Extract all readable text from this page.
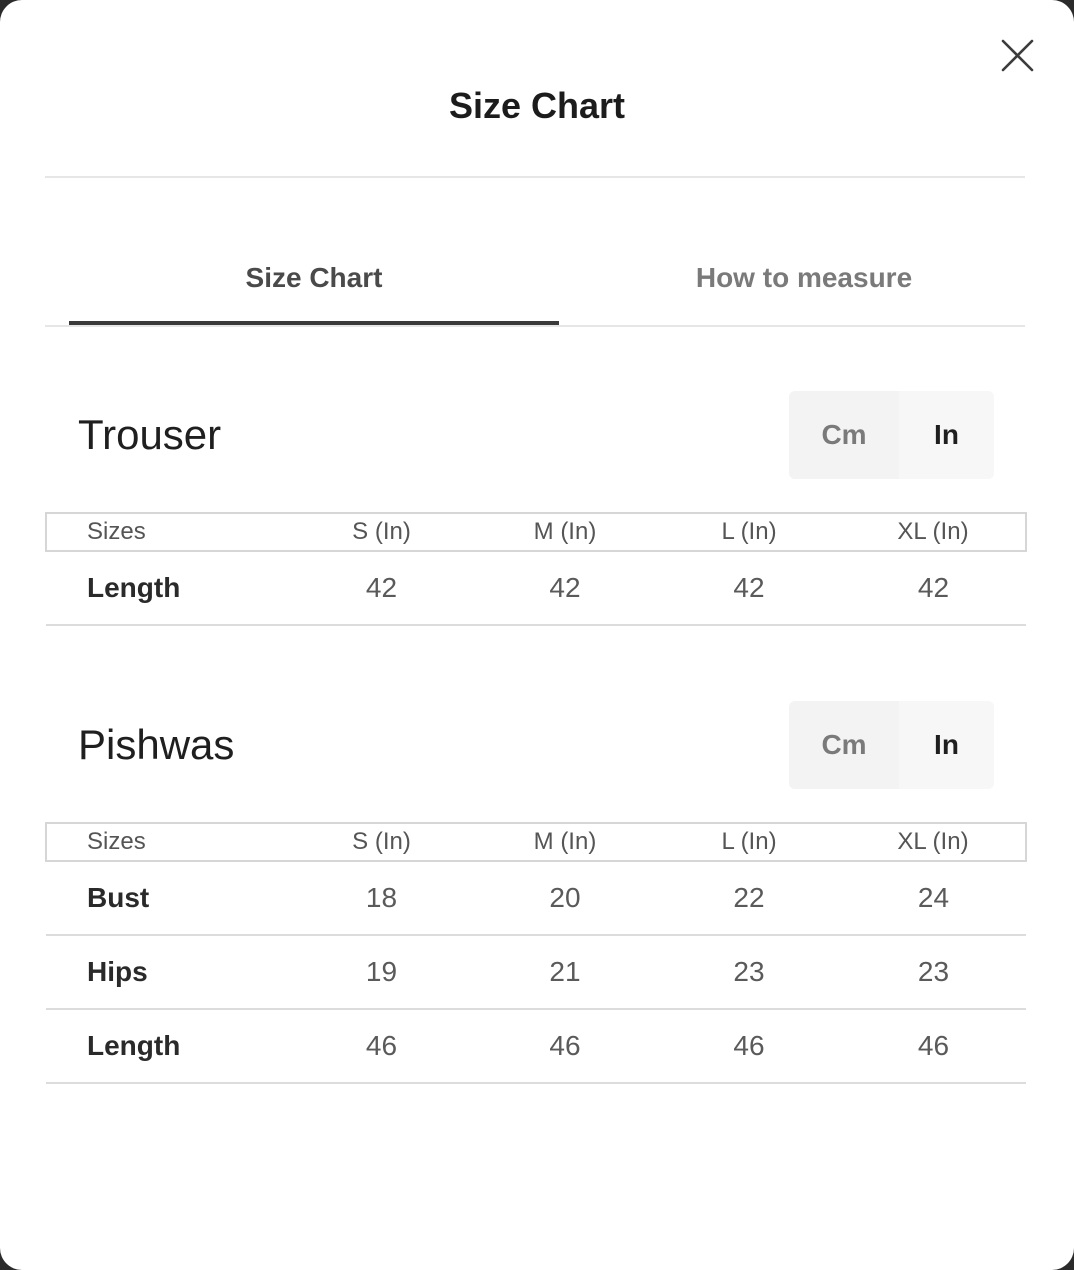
Size Chart
Size Chart	How to measure
Trouser	Cm	In
Sizes	S (In)	M (In)	L (In)	XL (In)
Length	42	42	42	42
Pishwas	Cm	In
Sizes	S (In)	M (In)	L (In)	XL (In)
Bust	18	20	22	24
Hips	19	21	23	23
Length	46	46	46	46
